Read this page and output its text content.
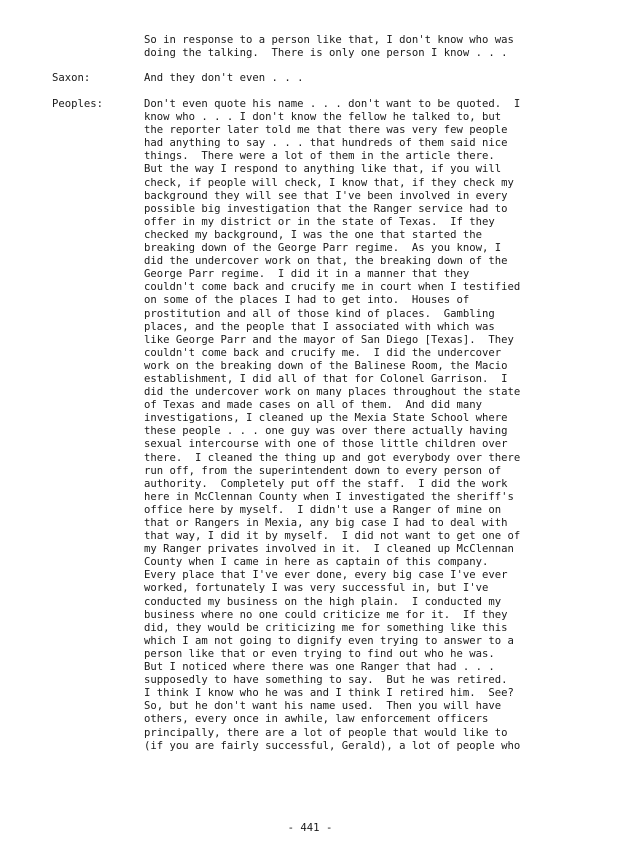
So in response to a person like that, I don't know who was
doing the talking.  There is only one person I know . . .
Saxon:	And they don't even . . .
Peoples:	Don't even quote his name . . . don't want to be quoted.  I
know who . . . I don't know the fellow he talked to, but
the reporter later told me that there was very few people
had anything to say . . . that hundreds of them said nice
things.  There were a lot of them in the article there.
But the way I respond to anything like that, if you will
check, if people will check, I know that, if they check my
background they will see that I've been involved in every
possible big investigation that the Ranger service had to
offer in my district or in the state of Texas.  If they
checked my background, I was the one that started the
breaking down of the George Parr regime.  As you know, I
did the undercover work on that, the breaking down of the
George Parr regime.  I did it in a manner that they
couldn't come back and crucify me in court when I testified
on some of the places I had to get into.  Houses of
prostitution and all of those kind of places.  Gambling
places, and the people that I associated with which was
like George Parr and the mayor of San Diego [Texas].  They
couldn't come back and crucify me.  I did the undercover
work on the breaking down of the Balinese Room, the Macio
establishment, I did all of that for Colonel Garrison.  I
did the undercover work on many places throughout the state
of Texas and made cases on all of them.  And did many
investigations, I cleaned up the Mexia State School where
these people . . . one guy was over there actually having
sexual intercourse with one of those little children over
there.  I cleaned the thing up and got everybody over there
run off, from the superintendent down to every person of
authority.  Completely put off the staff.  I did the work
here in McClennan County when I investigated the sheriff's
office here by myself.  I didn't use a Ranger of mine on
that or Rangers in Mexia, any big case I had to deal with
that way, I did it by myself.  I did not want to get one of
my Ranger privates involved in it.  I cleaned up McClennan
County when I came in here as captain of this company.
Every place that I've ever done, every big case I've ever
worked, fortunately I was very successful in, but I've
conducted my business on the high plain.  I conducted my
business where no one could criticize me for it.  If they
did, they would be criticizing me for something like this
which I am not going to dignify even trying to answer to a
person like that or even trying to find out who he was.
But I noticed where there was one Ranger that had . . .
supposedly to have something to say.  But he was retired.
I think I know who he was and I think I retired him.  See?
So, but he don't want his name used.  Then you will have
others, every once in awhile, law enforcement officers
principally, there are a lot of people that would like to
(if you are fairly successful, Gerald), a lot of people who
- 441 -
